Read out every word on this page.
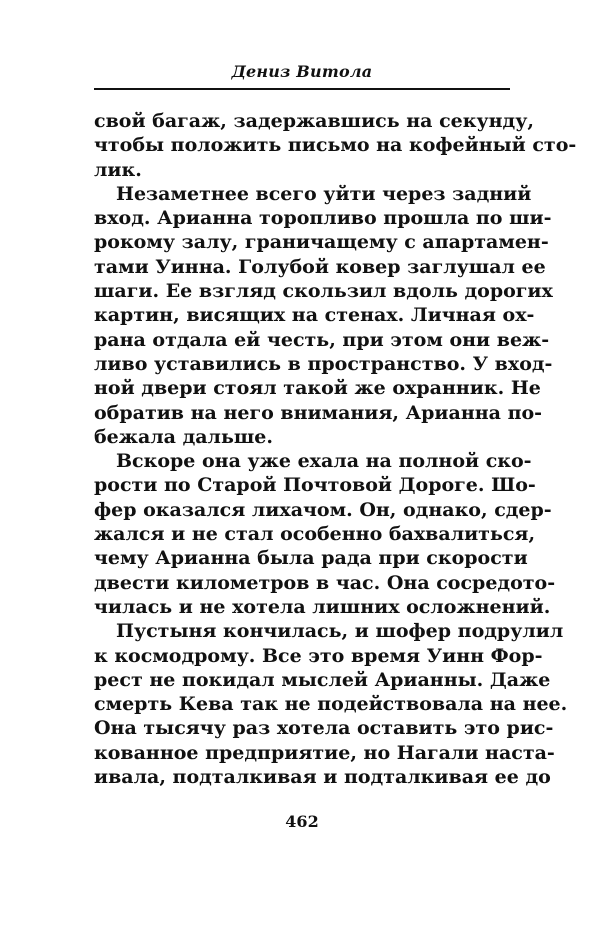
Дениз Витола
свой багаж, задержавшись на секунду,
чтобы положить письмо на кофейный сто-
лик.
Незаметнее всего уйти через задний
вход. Арианна торопливо прошла по ши-
рокому залу, граничащему с апартамен-
тами Уинна. Голубой ковер заглушал ее
шаги. Ее взгляд скользил вдоль дорогих
картин, висящих на стенах. Личная ох-
рана отдала ей честь, при этом они веж-
ливо уставились в пространство. У вход-
ной двери стоял такой же охранник. Не
обратив на него внимания, Арианна по-
бежала дальше.
Вскоре она уже ехала на полной ско-
рости по Старой Почтовой Дороге. Шо-
фер оказался лихачом. Он, однако, сдер-
жался и не стал особенно бахвалиться,
чему Арианна была рада при скорости
двести километров в час. Она сосредото-
чилась и не хотела лишних осложнений.
Пустыня кончилась, и шофер подрулил
к космодрому. Все это время Уинн Фор-
рест не покидал мыслей Арианны. Даже
смерть Кева так не подействовала на нее.
Она тысячу раз хотела оставить это рис-
кованное предприятие, но Нагали наста-
ивала, подталкивая и подталкивая ее до
462
